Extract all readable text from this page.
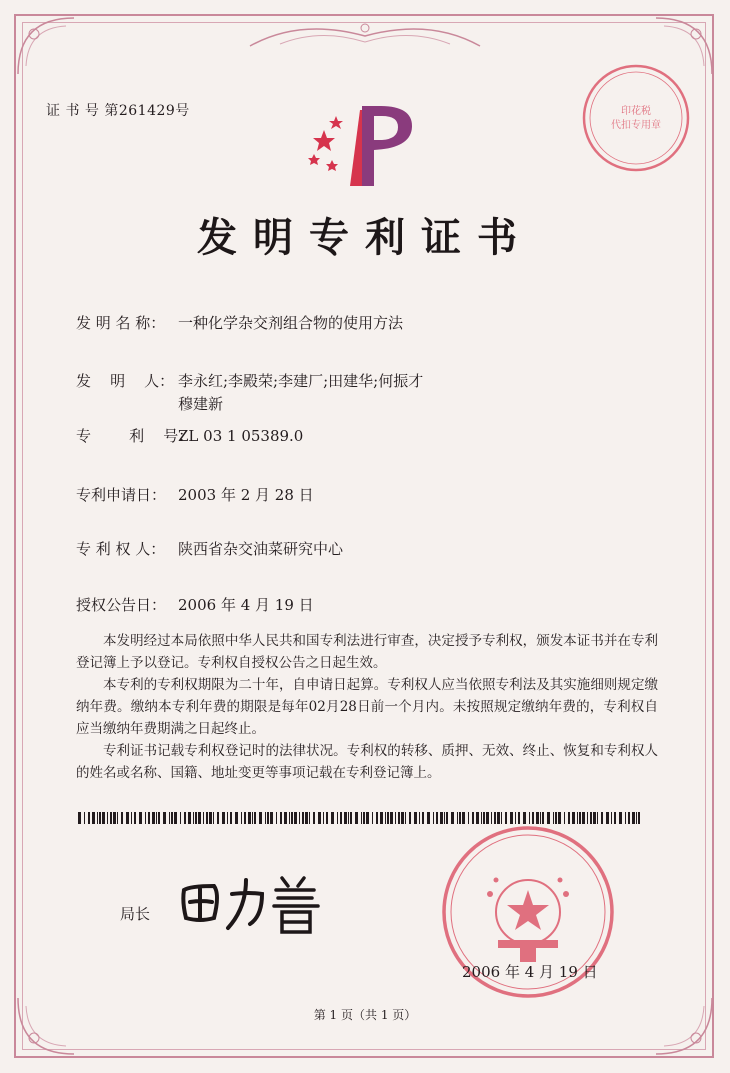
证 书 号 第261429号	印花税
代扣专用章
发明专利证书
发 明 名 称： 一种化学杂交剂组合物的使用方法
发    明    人： 李永红;李殿荣;李建厂;田建华;何振才
穆建新
专        利    号：ZL 03 1 05389.0
专利申请日： 2003 年 2 月 28 日
专 利 权 人： 陕西省杂交油菜研究中心
授权公告日： 2006 年 4 月 19 日

本发明经过本局依照中华人民共和国专利法进行审查，决定授予专利权，颁发本证书并在专利登记簿上予以登记。专利权自授权公告之日起生效。

本专利的专利权期限为二十年，自申请日起算。专利权人应当依照专利法及其实施细则规定缴纳年费。缴纳本专利年费的期限是每年02月28日前一个月内。未按照规定缴纳年费的，专利权自应当缴纳年费期满之日起终止。

专利证书记载专利权登记时的法律状况。专利权的转移、质押、无效、终止、恢复和专利权人的姓名或名称、国籍、地址变更等事项记载在专利登记簿上。

局长
2006 年 4 月 19 日
第 1 页（共 1 页）
